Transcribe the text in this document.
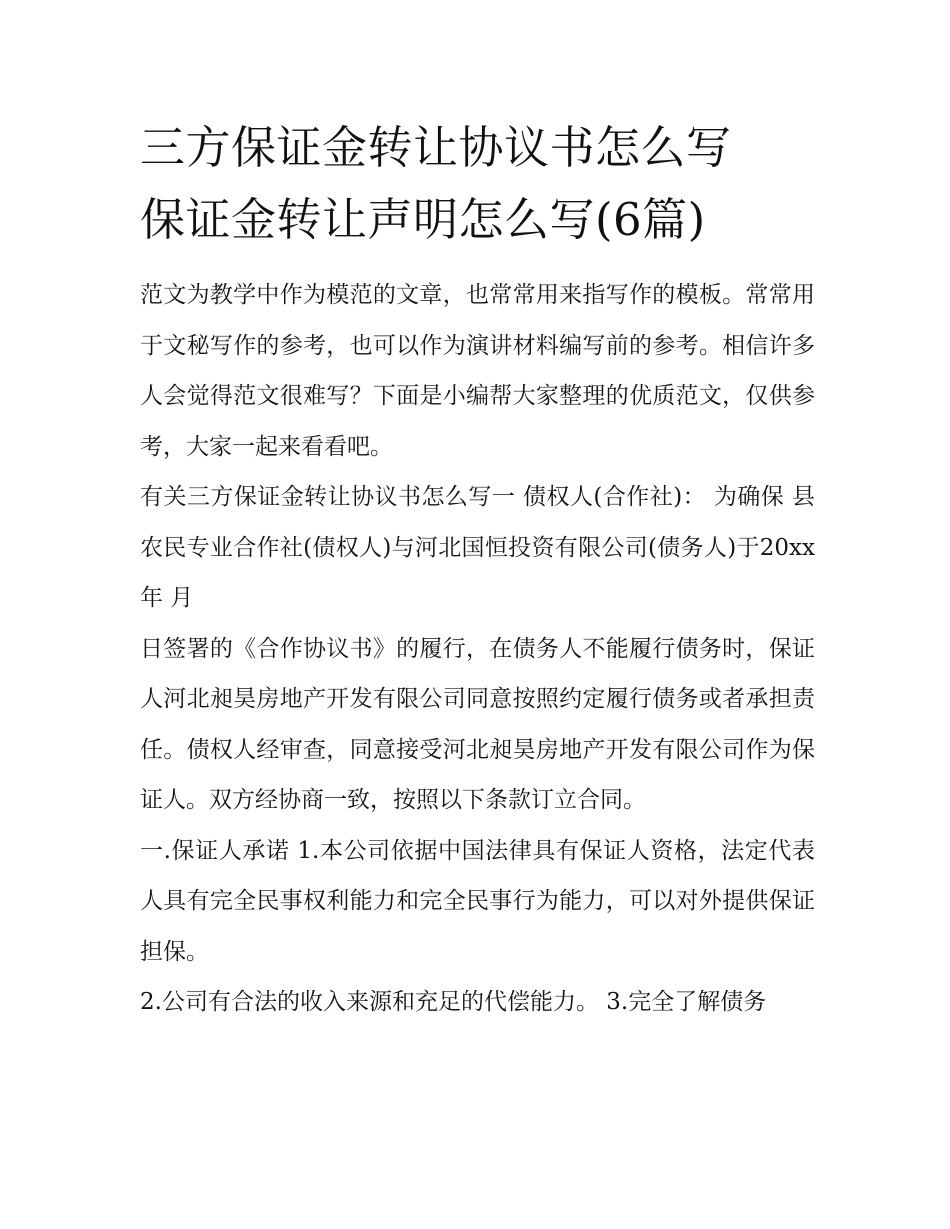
三方保证金转让协议书怎么写
保证金转让声明怎么写(6篇)

范文为教学中作为模范的文章，也常常用来指写作的模板。常常用于文秘写作的参考，也可以作为演讲材料编写前的参考。相信许多人会觉得范文很难写？下面是小编帮大家整理的优质范文，仅供参考，大家一起来看看吧。

有关三方保证金转让协议书怎么写一 债权人(合作社)： 为确保 县 农民专业合作社(债权人)与河北国恒投资有限公司(债务人)于20xx年 月

日签署的《合作协议书》的履行，在债务人不能履行债务时，保证人河北昶昊房地产开发有限公司同意按照约定履行债务或者承担责任。债权人经审查，同意接受河北昶昊房地产开发有限公司作为保证人。双方经协商一致，按照以下条款订立合同。

一.保证人承诺 1.本公司依据中国法律具有保证人资格，法定代表人具有完全民事权利能力和完全民事行为能力，可以对外提供保证担保。

2.公司有合法的收入来源和充足的代偿能力。 3.完全了解债务
